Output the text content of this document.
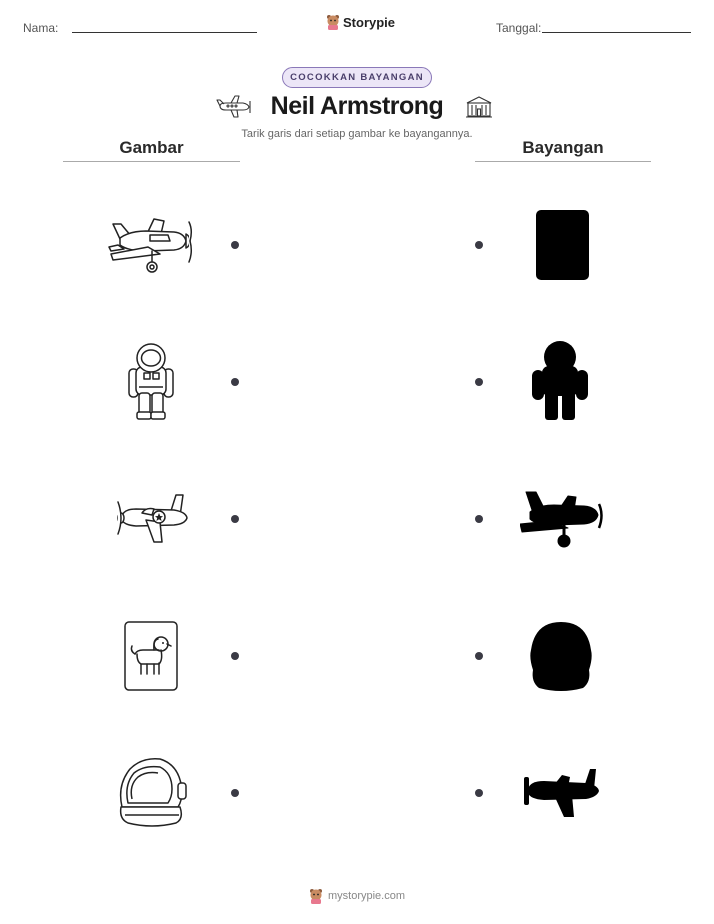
Nama:	Storypie	Tanggal:
COCOKKAN BAYANGAN
Neil Armstrong
Tarik garis dari setiap gambar ke bayangannya.
Gambar	Bayangan
mystorypie.com
